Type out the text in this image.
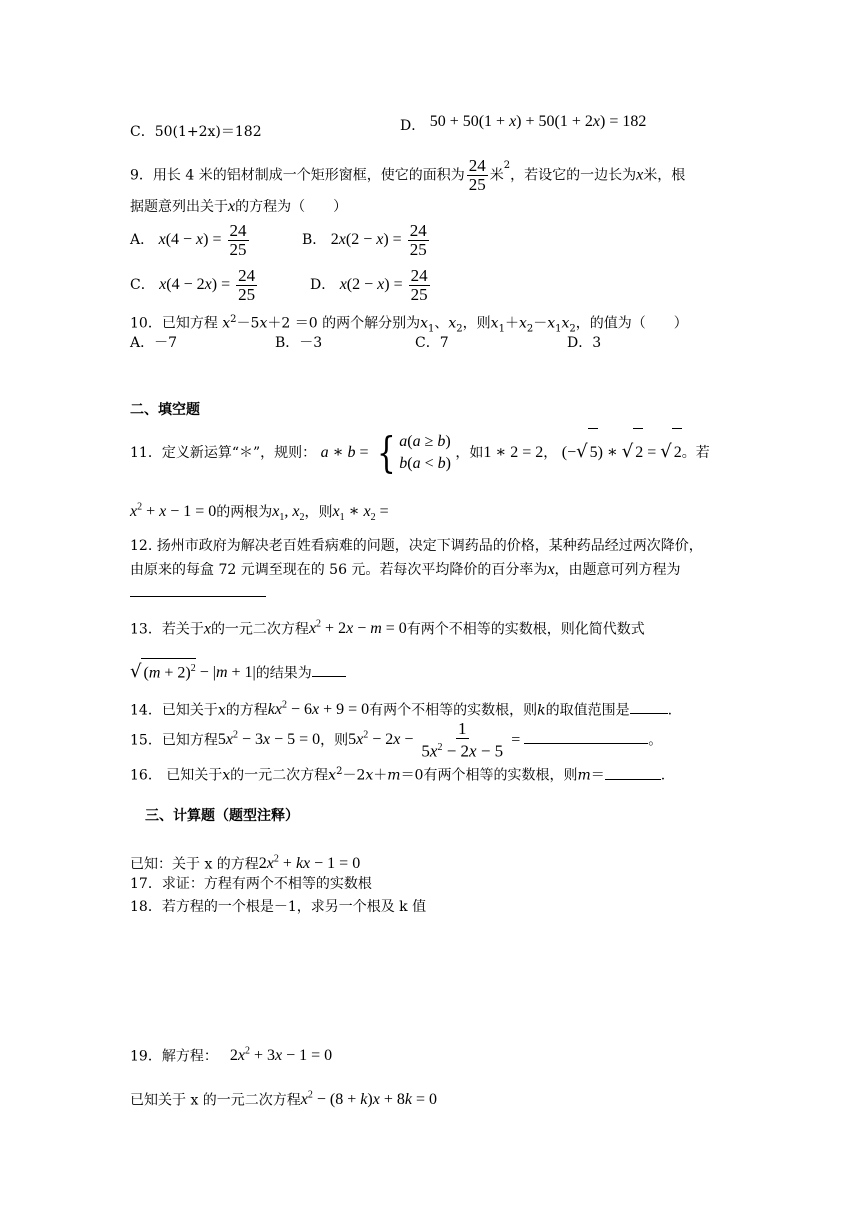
C．50(1+2x)＝182	D． 50 + 50(1 + x) + 50(1 + 2x) = 182
9．用长 4 米的铝材制成一个矩形窗框，使它的面积为 $\frac{24}{25}$ 米$^2$，若设它的一边长为x米，根
据题意列出关于x的方程为（　　）
A． $x(4 - x) = \frac{24}{25}$	B． $2x(2 - x) = \frac{24}{25}$
C． $x(4 - 2x) = \frac{24}{25}$	D． $x(2 - x) = \frac{24}{25}$
10．已知方程 $x^2-5x+2 =0$ 的两个解分别为$x_1$、$x_2$，则$x_1+x_2-x_1x_2$，的值为（　　）
A．－7	B．－3	C．7	D．3
二、填空题
11．定义新运算“＊”，规则： a ∗ b = { a(a ≥ b)
b(a < b)
，如1 ∗ 2 = 2， (−√ 5) ∗ √ 2 = √ 2。若
$x^2 + x - 1 = 0$的两根为$x_1$, $x_2$，则$x_1$ ∗ $x_2$ =
12. 扬州市政府为解决老百姓看病难的问题，决定下调药品的价格，某种药品经过两次降价，
由原来的每盒 72 元调至现在的 56 元。若每次平均降价的百分率为x，由题意可列方程为
13．若关于x的一元二次方程$x^2 + 2x - m = 0$有两个不相等的实数根，则化简代数式
√ $(m + 2)^2 - |m + 1|$的结果为
14．已知关于x的方程$kx^2 - 6x + 9 = 0$有两个不相等的实数根，则k的取值范围是	.
15．已知方程$5x^2 - 3x - 5 = 0$，则$5x^2 - 2x - \frac{1}{5x^2 - 2x - 5}$ =	。
16． 已知关于x的一元二次方程$x^2-2x+m=0$有两个相等的实数根，则m＝	.
三、计算题（题型注释）
已知：关于 x 的方程$2x^2$ + kx − 1 = 0
17．求证：方程有两个不相等的实数根
18．若方程的一个根是－1，求另一个根及 k 值
19．解方程： $2x^2 + 3x - 1 = 0$
已知关于 x 的一元二次方程$x^2 - (8 + k)x + 8k = 0$
